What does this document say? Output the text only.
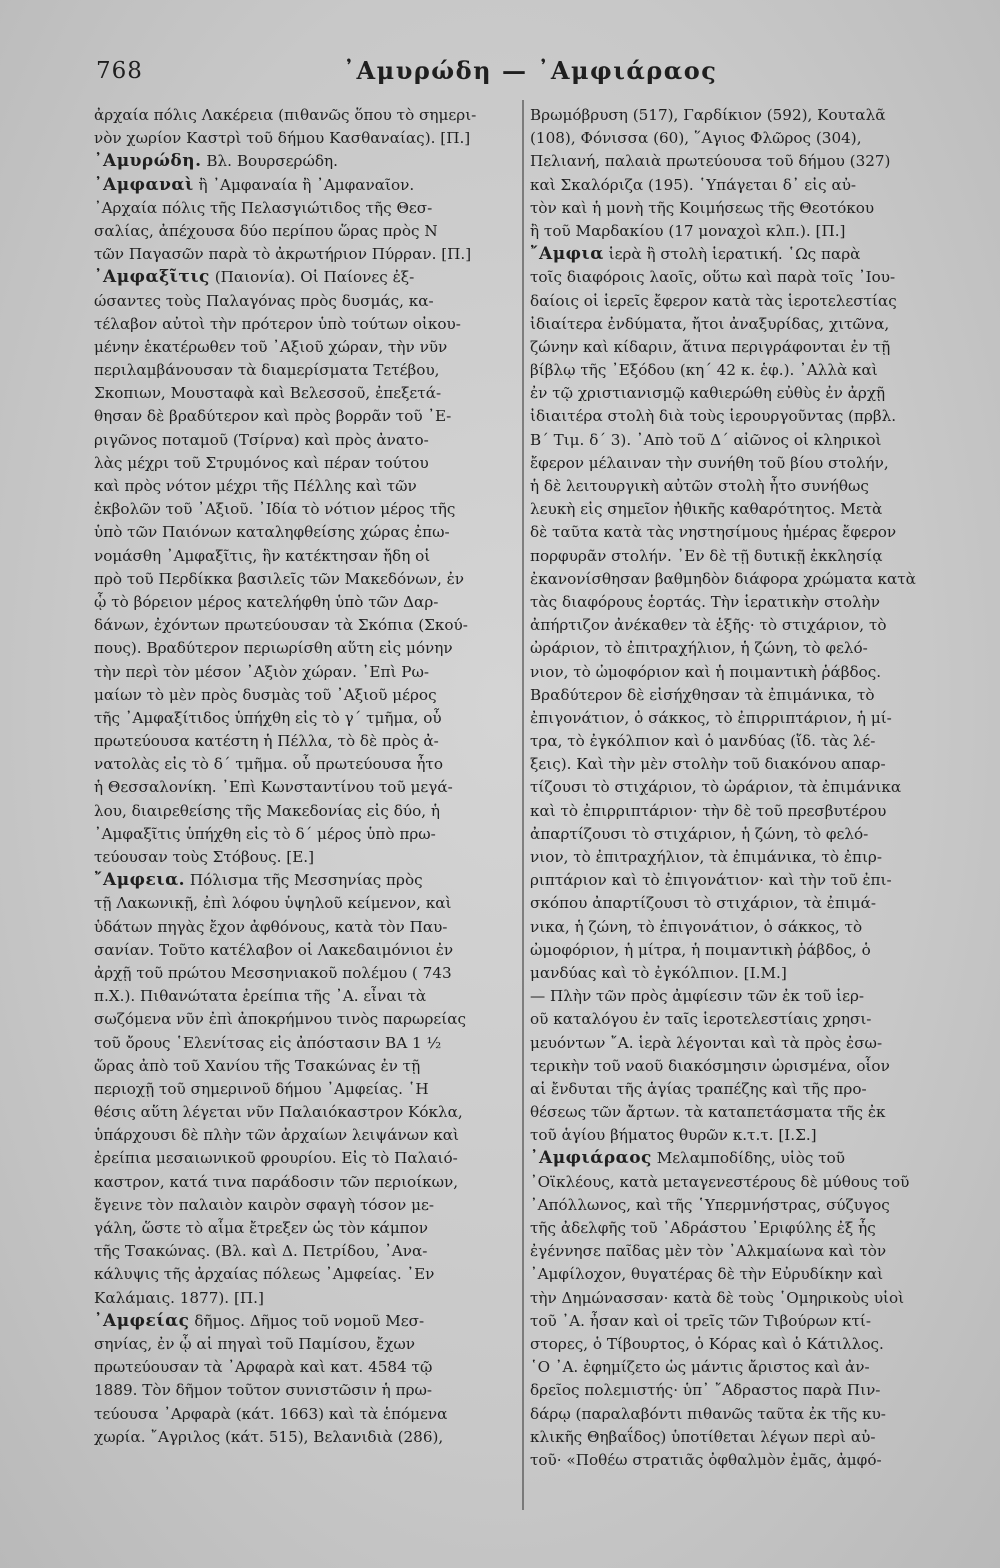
768	᾿Αμυρώδη — ᾿Αμφιάραος
ἀρχαία πόλις Λακέρεια (πιθανῶς ὅπου τὸ σημερι-
νὸν χωρίον Καστρὶ τοῦ δήμου Κασθαναίας). [Π.]
᾿Αμυρώδη. Βλ. Βουρσερώδη.
᾿Αμφαναὶ ἢ ᾿Αμφαναία ἢ ᾿Αμφαναῖον.
᾿Αρχαία πόλις τῆς Πελασγιώτιδος τῆς Θεσ-
σαλίας, ἀπέχουσα δύο περίπου ὥρας πρὸς Ν
τῶν Παγασῶν παρὰ τὸ ἀκρωτήριον Πύρραν. [Π.]
᾿Αμφαξῖτις (Παιονία). Οἱ Παίονες ἐξ-
ώσαντες τοὺς Παλαγόνας πρὸς δυσμάς, κα-
τέλαβον αὐτοὶ τὴν πρότερον ὑπὸ τούτων οἰκου-
μένην ἑκατέρωθεν τοῦ ᾿Αξιοῦ χώραν, τὴν νῦν
περιλαμβάνουσαν τὰ διαμερίσματα Τετέβου,
Σκοπιων, Μουσταφὰ καὶ Βελεσσοῦ, ἐπεξετά-
θησαν δὲ βραδύτερον καὶ πρὸς βορρᾶν τοῦ ᾿Ε-
ριγῶνος ποταμοῦ (Τσίρνα) καὶ πρὸς ἀνατο-
λὰς μέχρι τοῦ Στρυμόνος καὶ πέραν τούτου
καὶ πρὸς νότον μέχρι τῆς Πέλλης καὶ τῶν
ἐκβολῶν τοῦ ᾿Αξιοῦ. ᾿Ιδία τὸ νότιον μέρος τῆς
ὑπὸ τῶν Παιόνων καταληφθείσης χώρας ἐπω-
νομάσθη ᾿Αμφαξῖτις, ἣν κατέκτησαν ἤδη οἱ
πρὸ τοῦ Περδίκκα βασιλεῖς τῶν Μακεδόνων, ἐν
ᾧ τὸ βόρειον μέρος κατελήφθη ὑπὸ τῶν Δαρ-
δάνων, ἐχόντων πρωτεύουσαν τὰ Σκόπια (Σκού-
πους). Βραδύτερον περιωρίσθη αὕτη εἰς μόνην
τὴν περὶ τὸν μέσον ᾿Αξιὸν χώραν. ᾿Επὶ Ρω-
μαίων τὸ μὲν πρὸς δυσμὰς τοῦ ᾿Αξιοῦ μέρος
τῆς ᾿Αμφαξίτιδος ὑπήχθη εἰς τὸ γ´ τμῆμα, οὗ
πρωτεύουσα κατέστη ἡ Πέλλα, τὸ δὲ πρὸς ἀ-
νατολὰς εἰς τὸ δ´ τμῆμα. οὗ πρωτεύουσα ἦτο
ἡ Θεσσαλονίκη. ᾿Επὶ Κωνσταντίνου τοῦ μεγά-
λου, διαιρεθείσης τῆς Μακεδονίας εἰς δύο, ἡ
᾿Αμφαξῖτις ὑπήχθη εἰς τὸ δ´ μέρος ὑπὸ πρω-
τεύουσαν τοὺς Στόβους. [Ε.]
῎Αμφεια. Πόλισμα τῆς Μεσσηνίας πρὸς
τῇ Λακωνικῇ, ἐπὶ λόφου ὑψηλοῦ κείμενον, καὶ
ὑδάτων πηγὰς ἔχον ἀφθόνους, κατὰ τὸν Παυ-
σανίαν. Τοῦτο κατέλαβον οἱ Λακεδαιμόνιοι ἐν
ἀρχῇ τοῦ πρώτου Μεσσηνιακοῦ πολέμου ( 743
π.Χ.). Πιθανώτατα ἐρείπια τῆς ᾿Α. εἶναι τὰ
σωζόμενα νῦν ἐπὶ ἀποκρήμνου τινὸς παρωρείας
τοῦ ὄρους ῾Ελενίτσας εἰς ἀπόστασιν ΒΑ 1 ½
ὥρας ἀπὸ τοῦ Χανίου τῆς Τσακώνας ἐν τῇ
περιοχῇ τοῦ σημερινοῦ δήμου ᾿Αμφείας. ῾Η
θέσις αὕτη λέγεται νῦν Παλαιόκαστρον Κόκλα,
ὑπάρχουσι δὲ πλὴν τῶν ἀρχαίων λειψάνων καὶ
ἐρείπια μεσαιωνικοῦ φρουρίου. Εἰς τὸ Παλαιό-
καστρον, κατά τινα παράδοσιν τῶν περιοίκων,
ἔγεινε τὸν παλαιὸν καιρὸν σφαγὴ τόσον με-
γάλη, ὥστε τὸ αἷμα ἔτρεξεν ὡς τὸν κάμπον
τῆς Τσακώνας. (Βλ. καὶ Δ. Πετρίδου, ᾿Ανα-
κάλυψις τῆς ἀρχαίας πόλεως ᾿Αμφείας. ᾿Εν
Καλάμαις. 1877). [Π.]
᾿Αμφείας δῆμος. Δῆμος τοῦ νομοῦ Μεσ-
σηνίας, ἐν ᾧ αἱ πηγαὶ τοῦ Παμίσου, ἔχων
πρωτεύουσαν τὰ ᾿Αρφαρὰ καὶ κατ. 4584 τῷ
1889. Τὸν δῆμον τοῦτον συνιστῶσιν ἡ πρω-
τεύουσα ᾿Αρφαρὰ (κάτ. 1663) καὶ τὰ ἑπόμενα
χωρία. ῎Αγριλος (κάτ. 515), Βελανιδιὰ (286),
Βρωμόβρυση (517), Γαρδίκιον (592), Κουταλᾶ
(108), Φόνισσα (60), ῞Αγιος Φλῶρος (304),
Πελιανή, παλαιὰ πρωτεύουσα τοῦ δήμου (327)
καὶ Σκαλόριζα (195). ῾Υπάγεται δ᾿ εἰς αὐ-
τὸν καὶ ἡ μονὴ τῆς Κοιμήσεως τῆς Θεοτόκου
ἢ τοῦ Μαρδακίου (17 μοναχοὶ κλπ.). [Π.]
῎Αμφια ἱερὰ ἢ στολὴ ἱερατική. ῾Ως παρὰ
τοῖς διαφόροις λαοῖς, οὕτω καὶ παρὰ τοῖς ᾿Ιου-
δαίοις οἱ ἱερεῖς ἔφερον κατὰ τὰς ἱεροτελεστίας
ἰδιαίτερα ἐνδύματα, ἤτοι ἀναξυρίδας, χιτῶνα,
ζώνην καὶ κίδαριν, ἅτινα περιγράφονται ἐν τῇ
βίβλῳ τῆς ᾿Εξόδου (κη´ 42 κ. ἑφ.). ᾿Αλλὰ καὶ
ἐν τῷ χριστιανισμῷ καθιερώθη εὐθὺς ἐν ἀρχῇ
ἰδιαιτέρα στολὴ διὰ τοὺς ἱερουργοῦντας (πρβλ.
Β´ Τιμ. δ´ 3). ᾿Απὸ τοῦ Δ´ αἰῶνος οἱ κληρικοὶ
ἔφερον μέλαιναν τὴν συνήθη τοῦ βίου στολήν,
ἡ δὲ λειτουργικὴ αὐτῶν στολὴ ἦτο συνήθως
λευκὴ εἰς σημεῖον ἠθικῆς καθαρότητος. Μετὰ
δὲ ταῦτα κατὰ τὰς νηστησίμους ἡμέρας ἔφερον
πορφυρᾶν στολήν. ᾿Εν δὲ τῇ δυτικῇ ἐκκλησίᾳ
ἐκανονίσθησαν βαθμηδὸν διάφορα χρώματα κατὰ
τὰς διαφόρους ἑορτάς. Τὴν ἱερατικὴν στολὴν
ἀπήρτιζον ἀνέκαθεν τὰ ἑξῆς· τὸ στιχάριον, τὸ
ὠράριον, τὸ ἐπιτραχήλιον, ἡ ζώνη, τὸ φελό-
νιον, τὸ ὠμοφόριον καὶ ἡ ποιμαντικὴ ῥάβδος.
Βραδύτερον δὲ εἰσήχθησαν τὰ ἐπιμάνικα, τὸ
ἐπιγονάτιον, ὁ σάκκος, τὸ ἐπιρριπτάριον, ἡ μί-
τρα, τὸ ἐγκόλπιον καὶ ὁ μανδύας (ἴδ. τὰς λέ-
ξεις). Καὶ τὴν μὲν στολὴν τοῦ διακόνου απαρ-
τίζουσι τὸ στιχάριον, τὸ ὠράριον, τὰ ἐπιμάνικα
καὶ τὸ ἐπιρριπτάριον· τὴν δὲ τοῦ πρεσβυτέρου
ἀπαρτίζουσι τὸ στιχάριον, ἡ ζώνη, τὸ φελό-
νιον, τὸ ἐπιτραχήλιον, τὰ ἐπιμάνικα, τὸ ἐπιρ-
ριπτάριον καὶ τὸ ἐπιγονάτιον· καὶ τὴν τοῦ ἐπι-
σκόπου ἀπαρτίζουσι τὸ στιχάριον, τὰ ἐπιμά-
νικα, ἡ ζώνη, τὸ ἐπιγονάτιον, ὁ σάκκος, τὸ
ὠμοφόριον, ἡ μίτρα, ἡ ποιμαντικὴ ῥάβδος, ὁ
μανδύας καὶ τὸ ἐγκόλπιον. [Ι.Μ.]
— Πλὴν τῶν πρὸς ἀμφίεσιν τῶν ἐκ τοῦ ἱερ-
οῦ καταλόγου ἐν ταῖς ἱεροτελεστίαις χρησι-
μευόντων ῎Α. ἱερὰ λέγονται καὶ τὰ πρὸς ἐσω-
τερικὴν τοῦ ναοῦ διακόσμησιν ὡρισμένα, οἷον
αἱ ἔνδυται τῆς ἁγίας τραπέζης καὶ τῆς προ-
θέσεως τῶν ἄρτων. τὰ καταπετάσματα τῆς ἐκ
τοῦ ἁγίου βήματος θυρῶν κ.τ.τ. [Ι.Σ.]
᾿Αμφιάραος Μελαμποδίδης, υἱὸς τοῦ
᾿Οϊκλέους, κατὰ μεταγενεστέρους δὲ μύθους τοῦ
᾿Απόλλωνος, καὶ τῆς ῾Υπερμνήστρας, σύζυγος
τῆς ἀδελφῆς τοῦ ᾿Αδράστου ᾿Εριφύλης ἐξ ἧς
ἐγέννησε παῖδας μὲν τὸν ᾿Αλκμαίωνα καὶ τὸν
᾿Αμφίλοχον, θυγατέρας δὲ τὴν Εὐρυδίκην καὶ
τὴν Δημώνασσαν· κατὰ δὲ τοὺς ῾Ομηρικοὺς υἱοὶ
τοῦ ᾿Α. ἦσαν καὶ οἱ τρεῖς τῶν Τιβούρων κτί-
στορες, ὁ Τίβουρτος, ὁ Κόρας καὶ ὁ Κάτιλλος.
῾Ο ᾿Α. ἐφημίζετο ὡς μάντις ἄριστος καὶ ἀν-
δρεῖος πολεμιστής· ὑπ᾿ ῎Αδραστος παρὰ Πιν-
δάρῳ (παραλαβόντι πιθανῶς ταῦτα ἐκ τῆς κυ-
κλικῆς Θηβαΐδος) ὑποτίθεται λέγων περὶ αὐ-
τοῦ· «Ποθέω στρατιᾶς ὀφθαλμὸν ἐμᾶς, ἀμφό-
